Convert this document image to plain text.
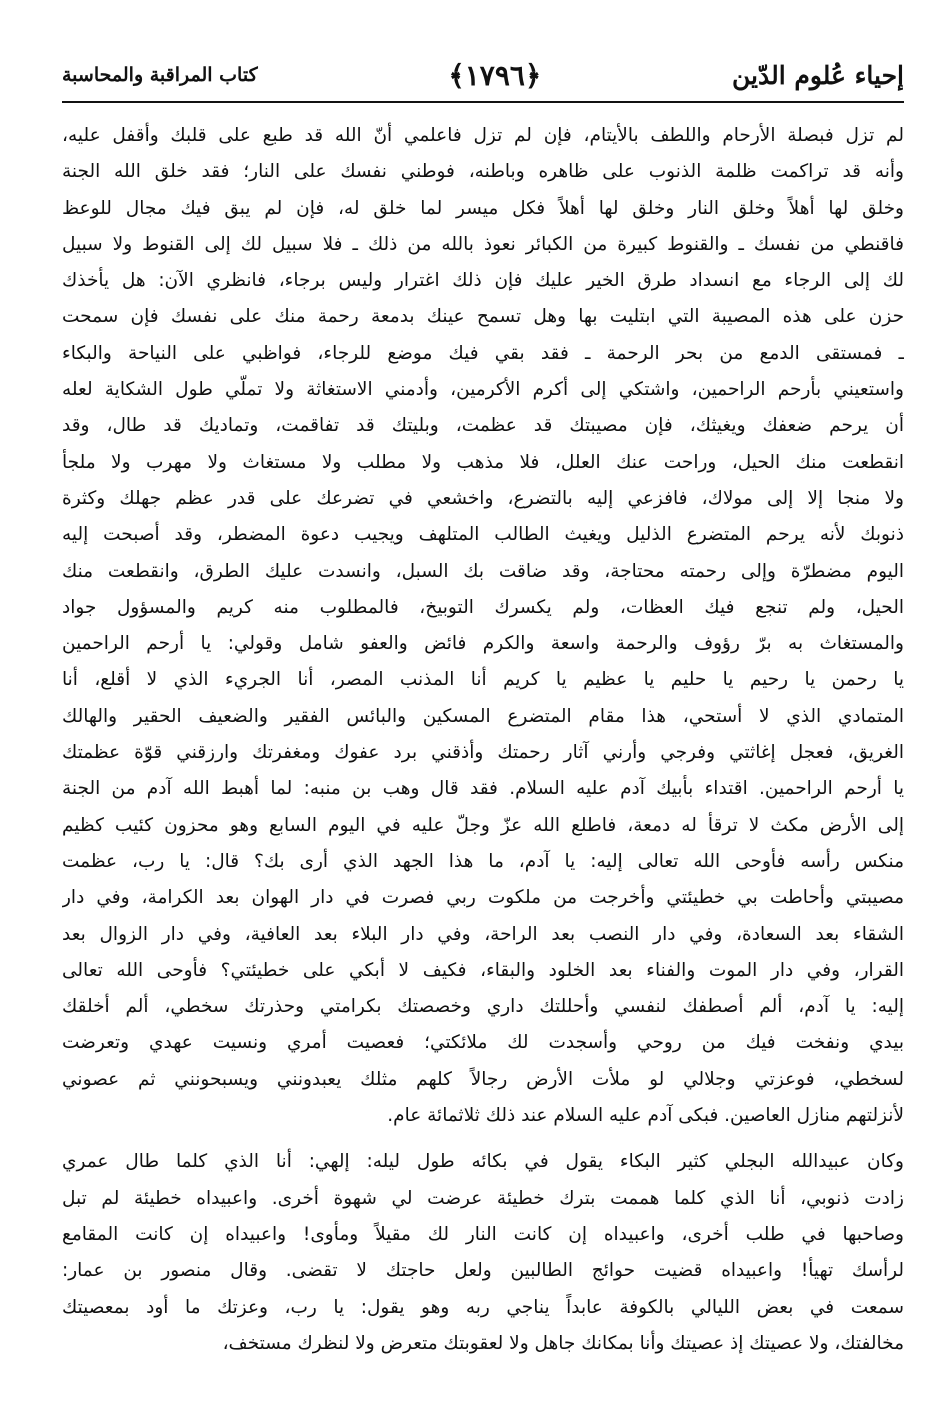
إحياء عُلوم الدّين
﴿١٧٩٦﴾
كتاب المراقبة والمحاسبة
لم تزل فبصلة الأرحام واللطف بالأيتام، فإن لم تزل فاعلمي أنّ الله قد طبع على قلبك وأقفل عليه،
وأنه قد تراكمت ظلمة الذنوب على ظاهره وباطنه، فوطني نفسك على النار؛ فقد خلق الله الجنة
وخلق لها أهلاً وخلق النار وخلق لها أهلاً فكل ميسر لما خلق له، فإن لم يبق فيك مجال للوعظ
فاقنطي من نفسك ـ والقنوط كبيرة من الكبائر نعوذ بالله من ذلك ـ فلا سبيل لك إلى القنوط ولا سبيل
لك إلى الرجاء مع انسداد طرق الخير عليك فإن ذلك اغترار وليس برجاء، فانظري الآن: هل يأخذك
حزن على هذه المصيبة التي ابتليت بها وهل تسمح عينك بدمعة رحمة منك على نفسك فإن سمحت
ـ فمستقى الدمع من بحر الرحمة ـ فقد بقي فيك موضع للرجاء، فواظبي على النياحة والبكاء
واستعيني بأرحم الراحمين، واشتكي إلى أكرم الأكرمين، وأدمني الاستغاثة ولا تملّي طول الشكاية لعله
أن يرحم ضعفك ويغيثك، فإن مصيبتك قد عظمت، وبليتك قد تفاقمت، وتماديك قد طال، وقد
انقطعت منك الحيل، وراحت عنك العلل، فلا مذهب ولا مطلب ولا مستغاث ولا مهرب ولا ملجأ
ولا منجا إلا إلى مولاك، فافزعي إليه بالتضرع، واخشعي في تضرعك على قدر عظم جهلك وكثرة
ذنوبك لأنه يرحم المتضرع الذليل ويغيث الطالب المتلهف ويجيب دعوة المضطر، وقد أصبحت إليه
اليوم مضطرّة وإلى رحمته محتاجة، وقد ضاقت بك السبل، وانسدت عليك الطرق، وانقطعت منك
الحيل، ولم تنجع فيك العظات، ولم يكسرك التوبيخ، فالمطلوب منه كريم والمسؤول جواد
والمستغاث به برّ رؤوف والرحمة واسعة والكرم فائض والعفو شامل وقولي: يا أرحم الراحمين
يا رحمن يا رحيم يا حليم يا عظيم يا كريم أنا المذنب المصر، أنا الجريء الذي لا أقلع، أنا
المتمادي الذي لا أستحي، هذا مقام المتضرع المسكين والبائس الفقير والضعيف الحقير والهالك
الغريق، فعجل إغاثتي وفرجي وأرني آثار رحمتك وأذقني برد عفوك ومغفرتك وارزقني قوّة عظمتك
يا أرحم الراحمين. اقتداء بأبيك آدم عليه السلام. فقد قال وهب بن منبه: لما أهبط الله آدم من الجنة
إلى الأرض مكث لا ترقأ له دمعة، فاطلع الله عزّ وجلّ عليه في اليوم السابع وهو محزون كئيب كظيم
منكس رأسه فأوحى الله تعالى إليه: يا آدم، ما هذا الجهد الذي أرى بك؟ قال: يا رب، عظمت
مصيبتي وأحاطت بي خطيئتي وأخرجت من ملكوت ربي فصرت في دار الهوان بعد الكرامة، وفي دار
الشقاء بعد السعادة، وفي دار النصب بعد الراحة، وفي دار البلاء بعد العافية، وفي دار الزوال بعد
القرار، وفي دار الموت والفناء بعد الخلود والبقاء، فكيف لا أبكي على خطيئتي؟ فأوحى الله تعالى
إليه: يا آدم، ألم أصطفك لنفسي وأحللتك داري وخصصتك بكرامتي وحذرتك سخطي، ألم أخلقك
بيدي ونفخت فيك من روحي وأسجدت لك ملائكتي؛ فعصيت أمري ونسيت عهدي وتعرضت
لسخطي، فوعزتي وجلالي لو ملأت الأرض رجالاً كلهم مثلك يعبدونني ويسبحونني ثم عصوني
لأنزلتهم منازل العاصين. فبكى آدم عليه السلام عند ذلك ثلاثمائة عام.
وكان عبيدالله البجلي كثير البكاء يقول في بكائه طول ليله: إلهي: أنا الذي كلما طال عمري
زادت ذنوبي، أنا الذي كلما هممت بترك خطيئة عرضت لي شهوة أخرى. واعبيداه خطيئة لم تبل
وصاحبها في طلب أخرى، واعبيداه إن كانت النار لك مقيلاً ومأوى! واعبيداه إن كانت المقامع
لرأسك تهيأ! واعبيداه قضيت حوائج الطالبين ولعل حاجتك لا تقضى. وقال منصور بن عمار:
سمعت في بعض الليالي بالكوفة عابداً يناجي ربه وهو يقول: يا رب، وعزتك ما أود بمعصيتك
مخالفتك، ولا عصيتك إذ عصيتك وأنا بمكانك جاهل ولا لعقوبتك متعرض ولا لنظرك مستخف،
